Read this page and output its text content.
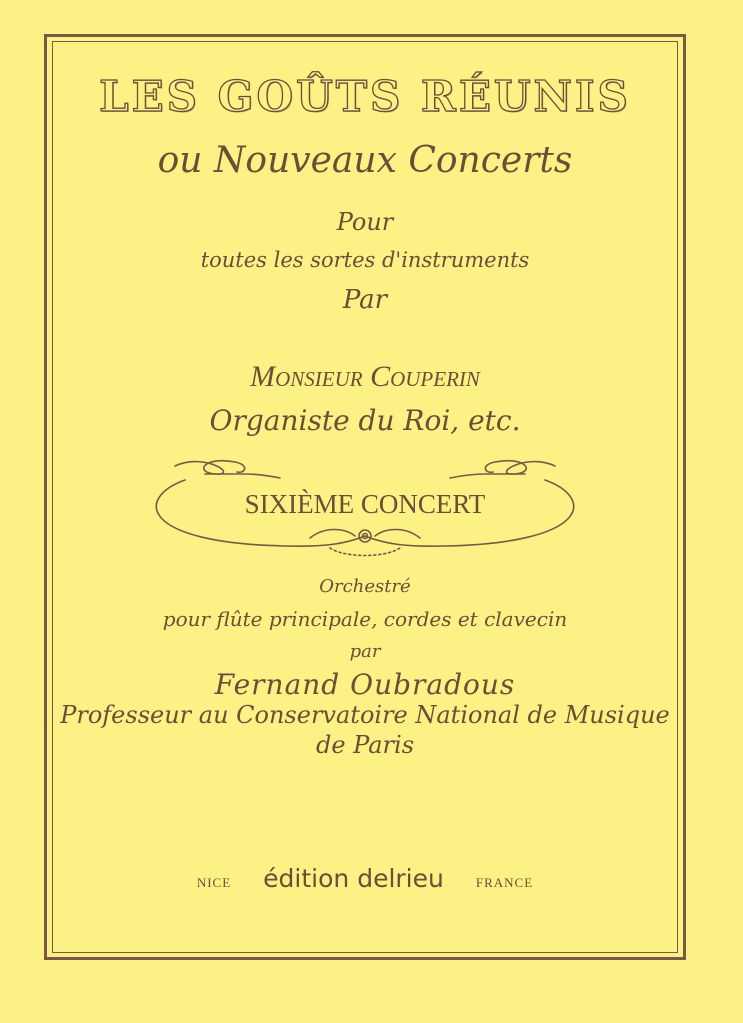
LES GOÛTS RÉUNIS

ou Nouveaux Concerts

Pour

toutes les sortes d'instruments

Par

Monsieur Couperin

Organiste du Roi, etc.

SIXIÈME CONCERT

Orchestré

pour flûte principale, cordes et clavecin

par

Fernand Oubradous

Professeur au Conservatoire National de Musique

de Paris

NICE édition delrieu FRANCE
